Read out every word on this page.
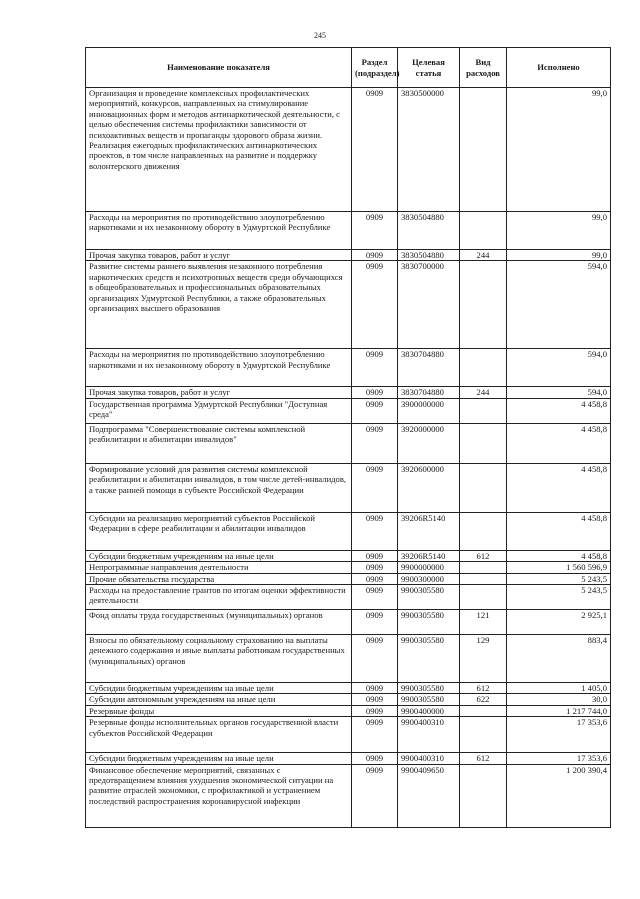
245
Наименование показателя	Раздел (подраздел)	Целевая статья	Вид расходов	Исполнено
Организация и проведение комплексных профилактических мероприятий, конкурсов, направленных на стимулирование инновационных форм и методов антинаркотической деятельности, с целью обеспечения системы профилактики зависимости от психоактивных веществ и пропаганды здорового образа жизни. Реализация ежегодных профилактических антинаркотических проектов, в том числе направленных на развитие и поддержку волонтерского движения	0909	3830500000		99,0
Расходы на мероприятия по противодействию злоупотреблению наркотиками и их незаконному обороту в Удмуртской Республике	0909	3830504880		99,0
Прочая закупка товаров, работ и услуг	0909	3830504880	244	99,0
Развитие системы раннего выявления незаконного потребления наркотических средств и психотропных веществ среди обучающихся в общеобразовательных и профессиональных образовательных организациях Удмуртской Республики, а также образовательных организациях высшего образования	0909	3830700000		594,0
Расходы на мероприятия по противодействию злоупотреблению наркотиками и их незаконному обороту в Удмуртской Республике	0909	3830704880		594,0
Прочая закупка товаров, работ и услуг	0909	3830704880	244	594,0
Государственная программа Удмуртской Республики "Доступная среда"	0909	3900000000		4 458,8
Подпрограмма "Совершенствование системы комплексной реабилитации и абилитации инвалидов"	0909	3920000000		4 458,8
Формирование условий для развития системы комплексной реабилитации и абилитации инвалидов, в том числе детей-инвалидов, а также ранней помощи в субъекте Российской Федерации	0909	3920600000		4 458,8
Субсидии на реализацию мероприятий субъектов Российской Федерации в сфере реабилитации и абилитации инвалидов	0909	39206R5140		4 458,8
Субсидии бюджетным учреждениям на иные цели	0909	39206R5140	612	4 458,8
Непрограммные направления деятельности	0909	9900000000		1 560 596,9
Прочие обязательства государства	0909	9900300000		5 243,5
Расходы на предоставление грантов по итогам оценки эффективности деятельности	0909	9900305580		5 243,5
Фонд оплаты труда государственных (муниципальных) органов	0909	9900305580	121	2 925,1
Взносы по обязательному социальному страхованию на выплаты денежного содержания и иные выплаты работникам государственных (муниципальных) органов	0909	9900305580	129	883,4
Субсидии бюджетным учреждениям на иные цели	0909	9900305580	612	1 405,0
Субсидии автономным учреждениям на иные цели	0909	9900305580	622	30,0
Резервные фонды	0909	9900400000		1 217 744,0
Резервные фонды исполнительных органов государственной власти субъектов Российской Федерации	0909	9900400310		17 353,6
Субсидии бюджетным учреждениям на иные цели	0909	9900400310	612	17 353,6
Финансовое обеспечение мероприятий, связанных с предотвращением влияния ухудшения экономической ситуации на развитие отраслей экономики, с профилактикой и устранением последствий распространения коронавирусной инфекции	0909	9900409650		1 200 390,4
